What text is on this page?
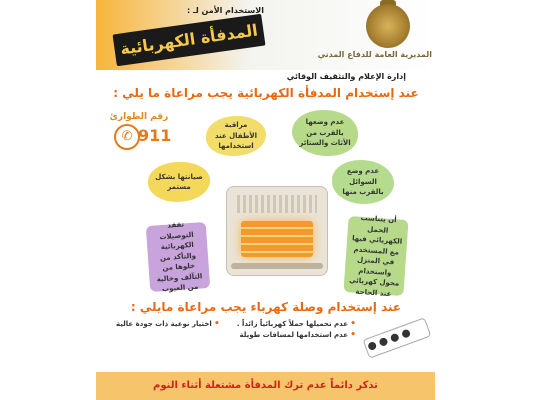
الاستخدام الأمن لـ :
المدفأة الكهربائية	المديرية العامة للدفاع المدني
إدارة الإعلام والتثقيف الوقائي
عند إستخدام المدفأة الكهربائية يجب مراعاة ما يلي :
رقم الطوارئ
✆ 911
عدم وضعها بالقرب من الأثاث والستائر
مراقبة الأطفال عند استخدامها
صيانتها بشكل مستمر
عدم وضع السوائل بالقرب منها
تفقد التوصيلات الكهربائية والتأكد من خلوها من التآلف وخالية من العيوب
أن يتناسب الحمل الكهربائي فيها مع المستخدم في المنزل واستخدام محول كهربائي عند الحاجة
عند إستخدام وصلة كهرباء يجب مراعاة مايلي :
• عدم تحميلها حملاً كهربائياً زائداً .
• اختيار نوعية ذات جودة عالية
• عدم استخدامها لمسافات طويلة
تذكر دائماً عدم ترك المدفأة مشتعلة أثناء النوم
